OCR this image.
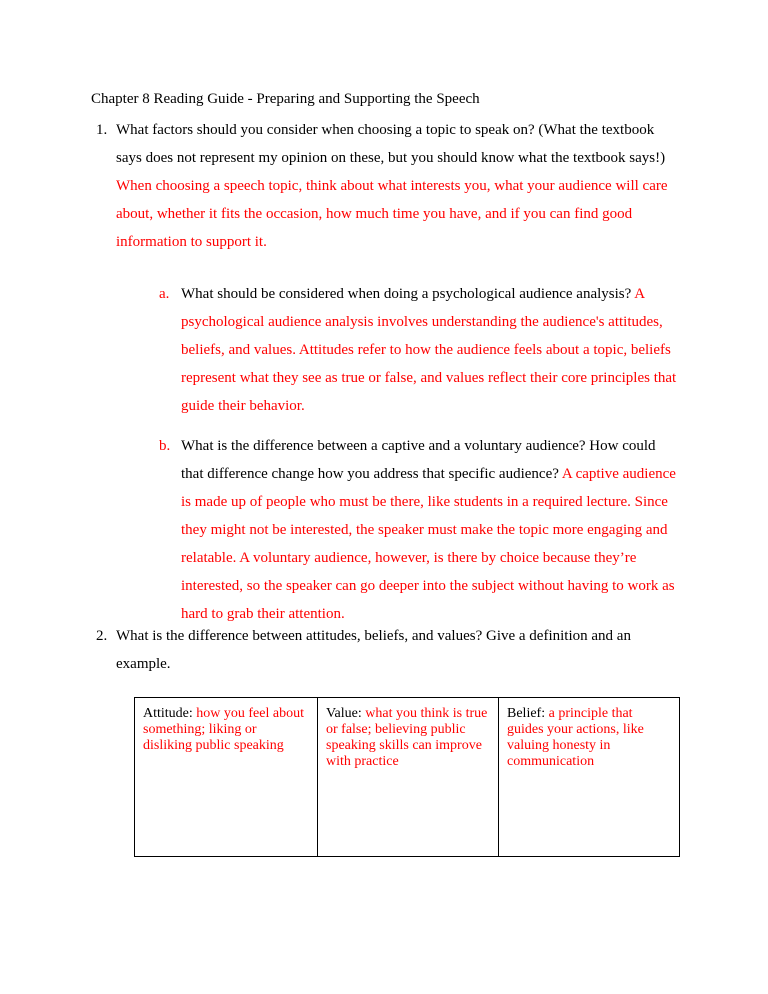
Chapter 8 Reading Guide - Preparing and Supporting the Speech
1. What factors should you consider when choosing a topic to speak on? (What the textbook says does not represent my opinion on these, but you should know what the textbook says!) When choosing a speech topic, think about what interests you, what your audience will care about, whether it fits the occasion, how much time you have, and if you can find good information to support it.
a. What should be considered when doing a psychological audience analysis? A psychological audience analysis involves understanding the audience's attitudes, beliefs, and values. Attitudes refer to how the audience feels about a topic, beliefs represent what they see as true or false, and values reflect their core principles that guide their behavior.
b. What is the difference between a captive and a voluntary audience? How could that difference change how you address that specific audience? A captive audience is made up of people who must be there, like students in a required lecture. Since they might not be interested, the speaker must make the topic more engaging and relatable. A voluntary audience, however, is there by choice because they’re interested, so the speaker can go deeper into the subject without having to work as hard to grab their attention.
2. What is the difference between attitudes, beliefs, and values? Give a definition and an example.
Attitude: how you feel about something; liking or disliking public speaking	Value: what you think is true or false; believing public speaking skills can improve with practice	Belief: a principle that guides your actions, like valuing honesty in communication
